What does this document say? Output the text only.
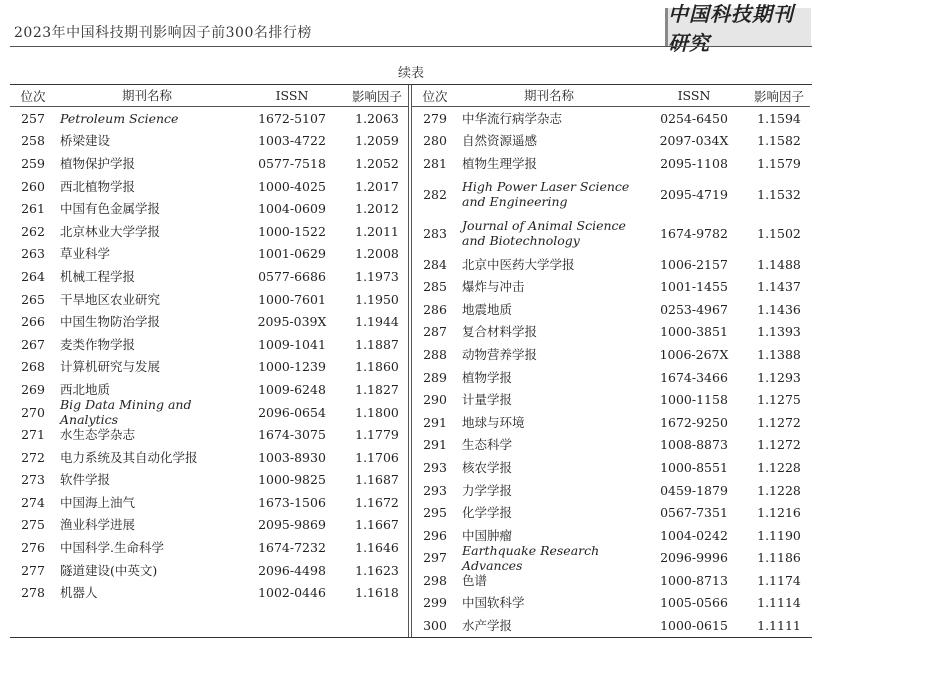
2023年中国科技期刊影响因子前300名排行榜
中国科技期刊研究
续表
位次	期刊名称	ISSN	影响因子
257	Petroleum Science	1672-5107	1.2063
258	桥梁建设	1003-4722	1.2059
259	植物保护学报	0577-7518	1.2052
260	西北植物学报	1000-4025	1.2017
261	中国有色金属学报	1004-0609	1.2012
262	北京林业大学学报	1000-1522	1.2011
263	草业科学	1001-0629	1.2008
264	机械工程学报	0577-6686	1.1973
265	干旱地区农业研究	1000-7601	1.1950
266	中国生物防治学报	2095-039X	1.1944
267	麦类作物学报	1009-1041	1.1887
268	计算机研究与发展	1000-1239	1.1860
269	西北地质	1009-6248	1.1827
270	Big Data Mining and Analytics	2096-0654	1.1800
271	水生态学杂志	1674-3075	1.1779
272	电力系统及其自动化学报	1003-8930	1.1706
273	软件学报	1000-9825	1.1687
274	中国海上油气	1673-1506	1.1672
275	渔业科学进展	2095-9869	1.1667
276	中国科学.生命科学	1674-7232	1.1646
277	隧道建设(中英文)	2096-4498	1.1623
278	机器人	1002-0446	1.1618
位次	期刊名称	ISSN	影响因子
279	中华流行病学杂志	0254-6450	1.1594
280	自然资源遥感	2097-034X	1.1582
281	植物生理学报	2095-1108	1.1579
282	High Power Laser Science and Engineering	2095-4719	1.1532
283	Journal of Animal Science and Biotechnology	1674-9782	1.1502
284	北京中医药大学学报	1006-2157	1.1488
285	爆炸与冲击	1001-1455	1.1437
286	地震地质	0253-4967	1.1436
287	复合材料学报	1000-3851	1.1393
288	动物营养学报	1006-267X	1.1388
289	植物学报	1674-3466	1.1293
290	计量学报	1000-1158	1.1275
291	地球与环境	1672-9250	1.1272
291	生态科学	1008-8873	1.1272
293	核农学报	1000-8551	1.1228
293	力学学报	0459-1879	1.1228
295	化学学报	0567-7351	1.1216
296	中国肿瘤	1004-0242	1.1190
297	Earthquake Research Advances	2096-9996	1.1186
298	色谱	1000-8713	1.1174
299	中国软科学	1005-0566	1.1114
300	水产学报	1000-0615	1.1111
